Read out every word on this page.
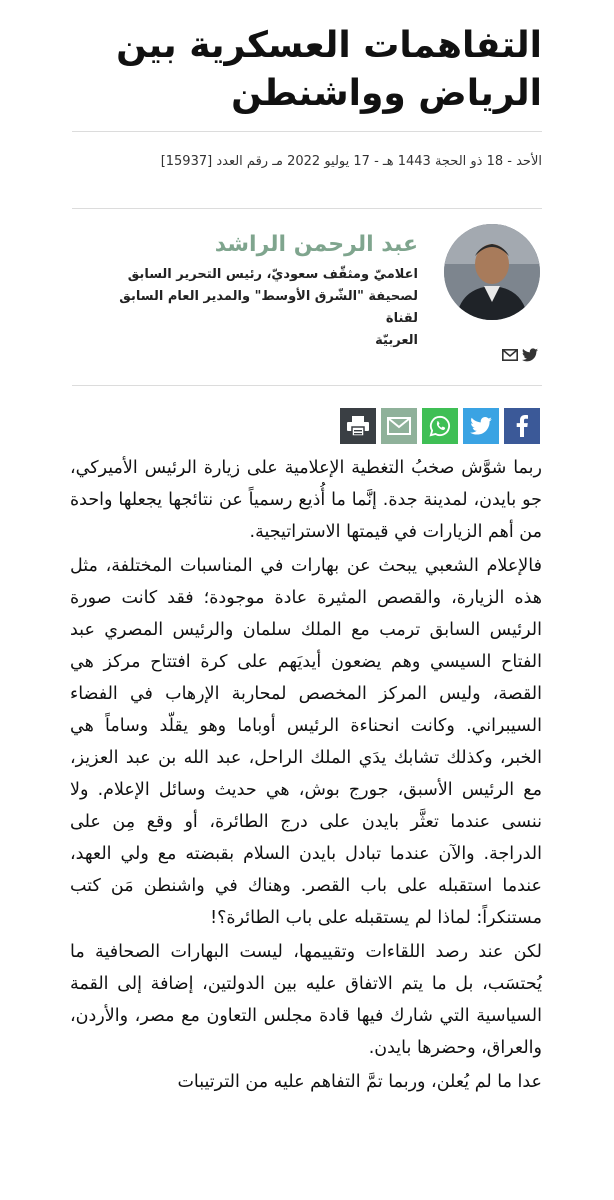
التفاهمات العسكرية بين
الرياض وواشنطن
الأحد - 18 ذو الحجة 1443 هـ - 17 يوليو 2022 مـ رقم العدد [15937]
عبد الرحمن الراشد
اعلاميّ ومثقّف سعوديّ، رئيس التحرير السابق
لصحيفة "الشّرق الأوسط" والمدير العام السابق لقناة
العربيّة

ربما شوَّش صخبُ التغطية الإعلامية على زيارة الرئيس الأميركي، جو بايدن، لمدينة جدة. إنَّما ما أُذيع رسمياً عن نتائجها يجعلها واحدة من أهم الزيارات في قيمتها الاستراتيجية.

فالإعلام الشعبي يبحث عن بهارات في المناسبات المختلفة، مثل هذه الزيارة، والقصص المثيرة عادة موجودة؛ فقد كانت صورة الرئيس السابق ترمب مع الملك سلمان والرئيس المصري عبد الفتاح السيسي وهم يضعون أيديَهم على كرة افتتاح مركز هي القصة، وليس المركز المخصص لمحاربة الإرهاب في الفضاء السيبراني. وكانت انحناءة الرئيس أوباما وهو يقلّد وساماً هي الخبر، وكذلك تشابك يدَي الملك الراحل، عبد الله بن عبد العزيز، مع الرئيس الأسبق، جورج بوش، هي حديث وسائل الإعلام. ولا ننسى عندما تعثَّر بايدن على درج الطائرة، أو وقع مِن على الدراجة. والآن عندما تبادل بايدن السلام بقبضته مع ولي العهد، عندما استقبله على باب القصر. وهناك في واشنطن مَن كتب مستنكراً: لماذا لم يستقبله على باب الطائرة؟!

لكن عند رصد اللقاءات وتقييمها، ليست البهارات الصحافية ما يُحتسَب، بل ما يتم الاتفاق عليه بين الدولتين، إضافة إلى القمة السياسية التي شارك فيها قادة مجلس التعاون مع مصر، والأردن، والعراق، وحضرها بايدن.

عدا ما لم يُعلن، وربما تمَّ التفاهم عليه من الترتيبات
